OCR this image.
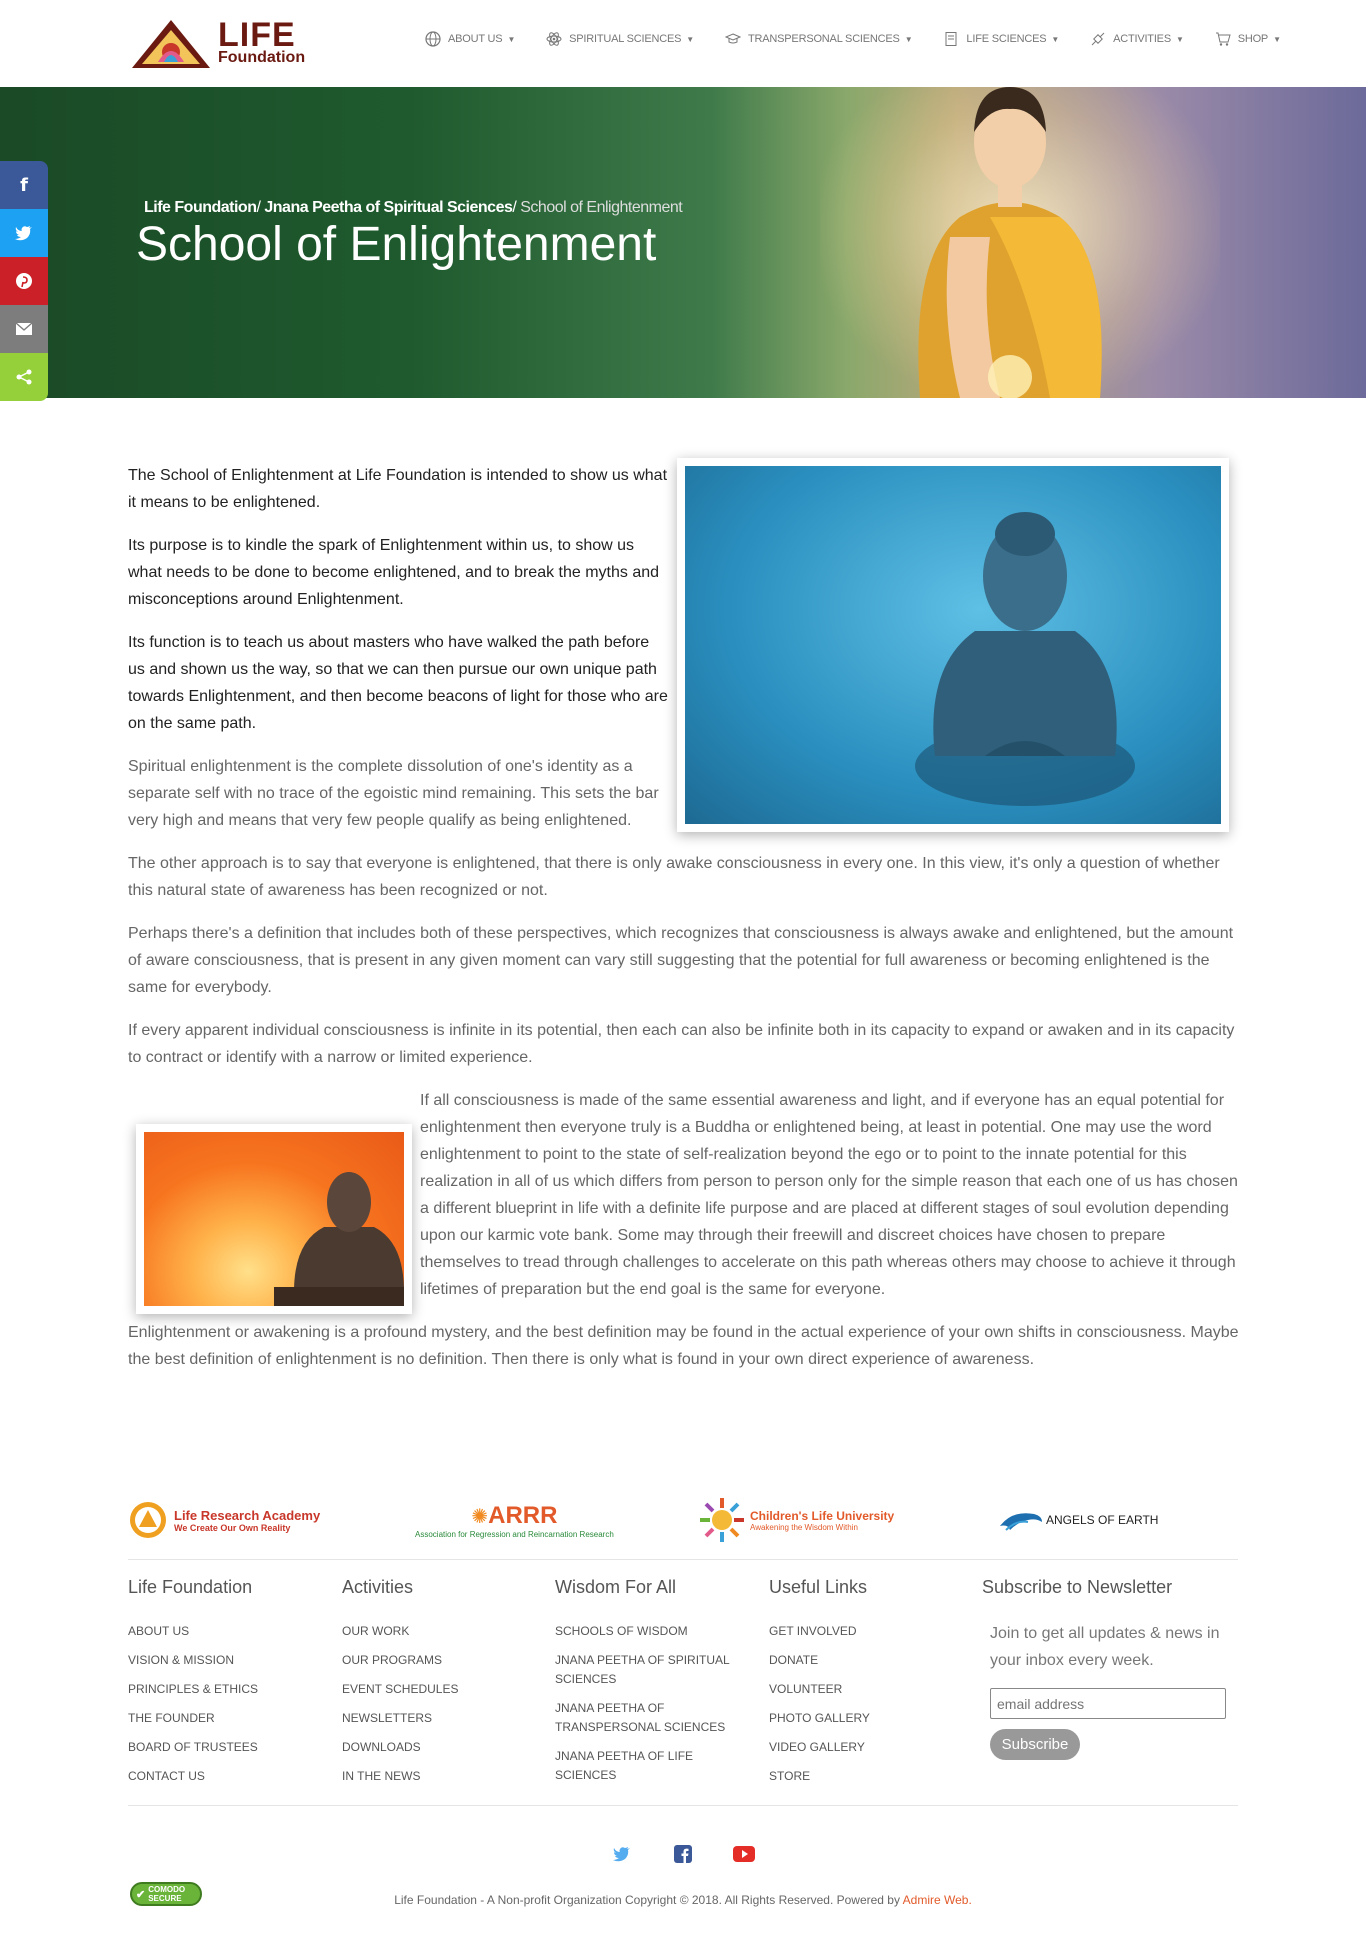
LIFE
Foundation
ABOUT US ▼	SPIRITUAL SCIENCES ▼	TRANSPERSONAL SCIENCES ▼	LIFE SCIENCES ▼	ACTIVITIES ▼	SHOP ▼
Life Foundation/ Jnana Peetha of Spiritual Sciences/ School of Enlightenment
School of Enlightenment
f

The School of Enlightenment at Life Foundation is intended to show us what it means to be enlightened.

Its purpose is to kindle the spark of Enlightenment within us, to show us what needs to be done to become enlightened, and to break the myths and misconceptions around Enlightenment.

Its function is to teach us about masters who have walked the path before us and shown us the way, so that we can then pursue our own unique path towards Enlightenment, and then become beacons of light for those who are on the same path.

Spiritual enlightenment is the complete dissolution of one's identity as a separate self with no trace of the egoistic mind remaining. This sets the bar very high and means that very few people qualify as being enlightened.

The other approach is to say that everyone is enlightened, that there is only awake consciousness in every one. In this view, it's only a question of whether this natural state of awareness has been recognized or not.

Perhaps there's a definition that includes both of these perspectives, which recognizes that consciousness is always awake and enlightened, but the amount of aware consciousness, that is present in any given moment can vary still suggesting that the potential for full awareness or becoming enlightened is the same for everybody.

If every apparent individual consciousness is infinite in its potential, then each can also be infinite both in its capacity to expand or awaken and in its capacity to contract or identify with a narrow or limited experience.

If all consciousness is made of the same essential awareness and light, and if everyone has an equal potential for enlightenment then everyone truly is a Buddha or enlightened being, at least in potential. One may use the word enlightenment to point to the state of self-realization beyond the ego or to point to the innate potential for this realization in all of us which differs from person to person only for the simple reason that each one of us has chosen a different blueprint in life with a definite life purpose and are placed at different stages of soul evolution depending upon our karmic vote bank. Some may through their freewill and discreet choices have chosen to prepare themselves to tread through challenges to accelerate on this path whereas others may choose to achieve it through lifetimes of preparation but the end goal is the same for everyone.

Enlightenment or awakening is a profound mystery, and the best definition may be found in the actual experience of your own shifts in consciousness. Maybe the best definition of enlightenment is no definition. Then there is only what is found in your own direct experience of awareness.

Life Research Academy
We Create Our Own Reality	✺ ARRR
Association for Regression and Reincarnation Research
Children's Life University
Awakening the Wisdom Within	ANGELS OF EARTH
Life Foundation
ABOUT US
VISION & MISSION
PRINCIPLES & ETHICS
THE FOUNDER
BOARD OF TRUSTEES
CONTACT US
Activities
OUR WORK
OUR PROGRAMS
EVENT SCHEDULES
NEWSLETTERS
DOWNLOADS
IN THE NEWS
Wisdom For All
SCHOOLS OF WISDOM
JNANA PEETHA OF SPIRITUAL SCIENCES
JNANA PEETHA OF TRANSPERSONAL SCIENCES
JNANA PEETHA OF LIFE SCIENCES
Useful Links
GET INVOLVED
DONATE
VOLUNTEER
PHOTO GALLERY
VIDEO GALLERY
STORE
Subscribe to Newsletter

Join to get all updates & news in your inbox every week.

email address
Subscribe
✔ COMODO
SECURE	Life Foundation - A Non-profit Organization Copyright © 2018. All Rights Reserved. Powered by Admire Web.
